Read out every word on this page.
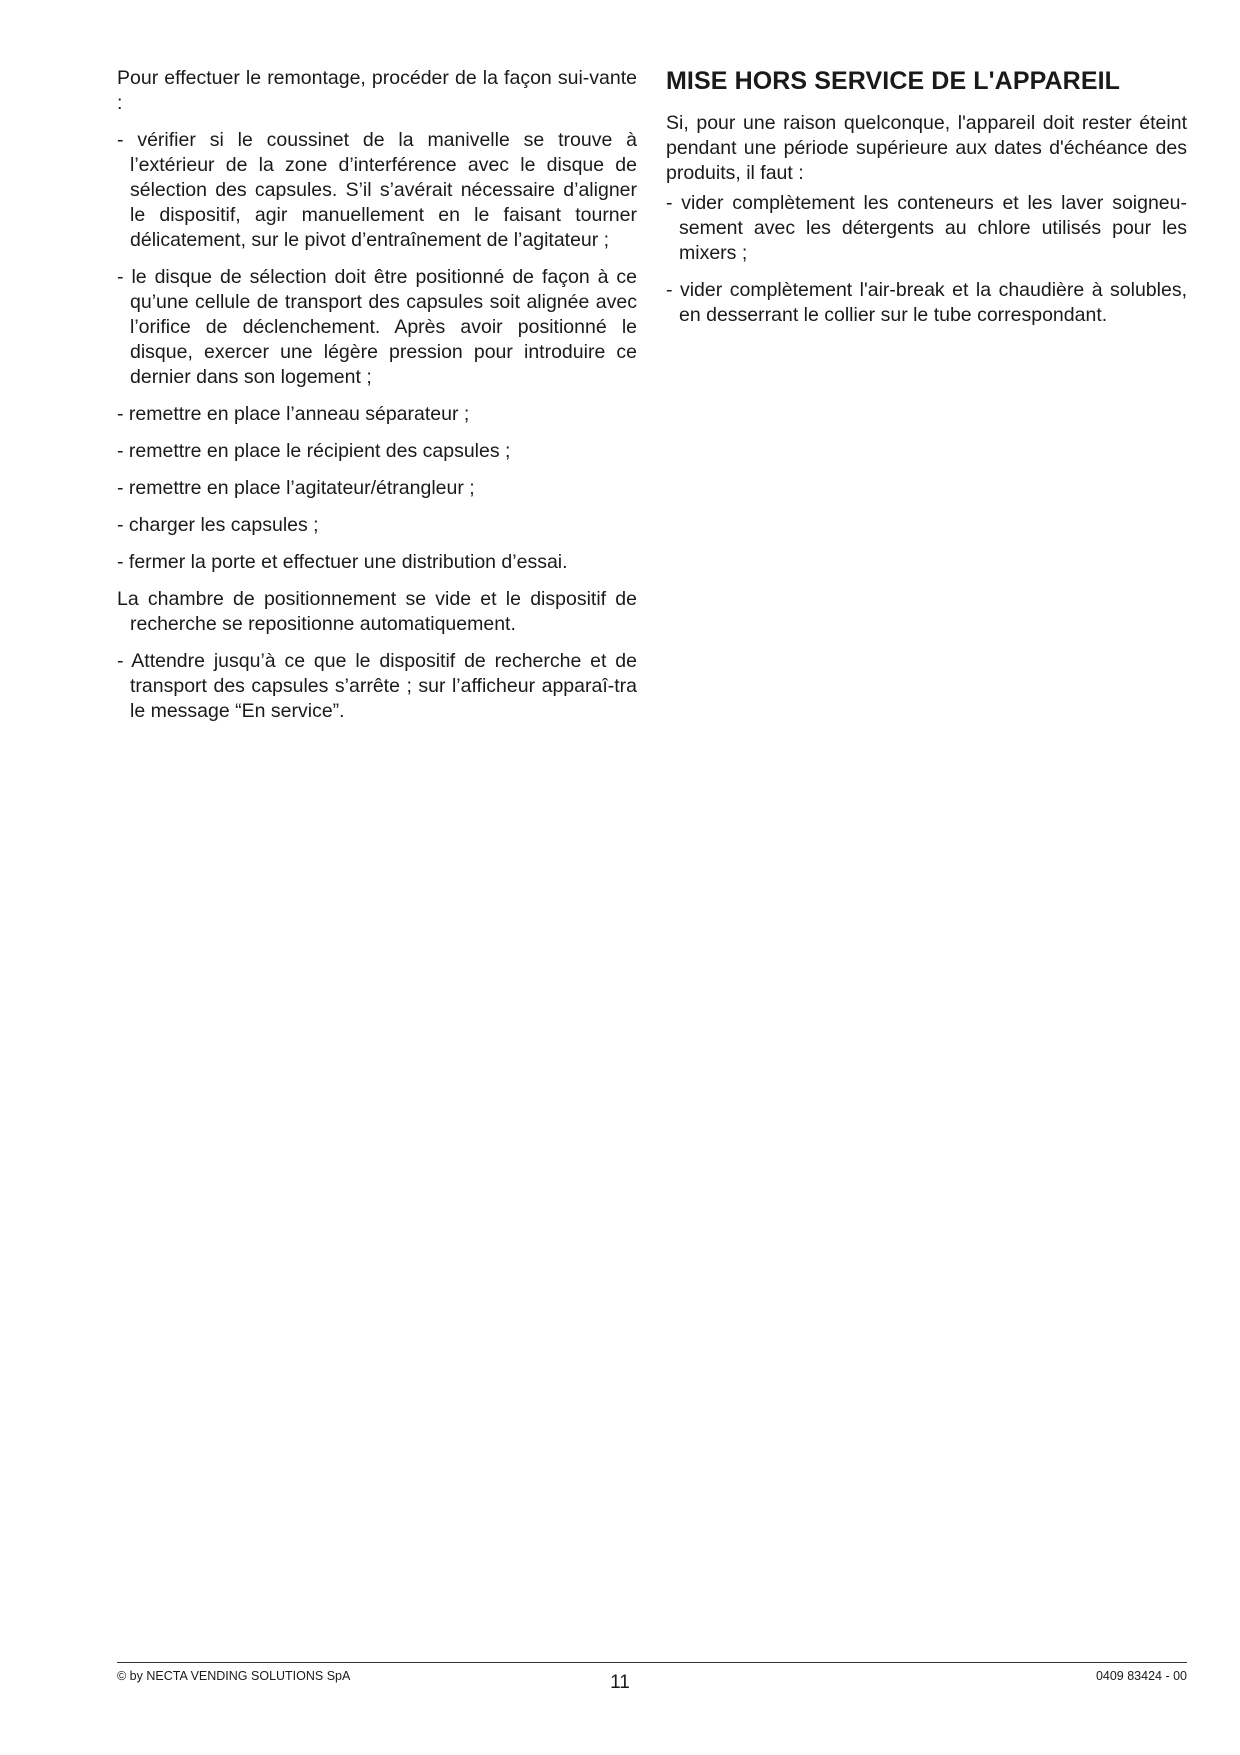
Pour effectuer le remontage, procéder de la façon sui-vante :

- vérifier si le coussinet de la manivelle se trouve à l’extérieur de la zone d’interférence avec le disque de sélection des capsules. S’il s’avérait nécessaire d’aligner le dispositif, agir manuellement en le faisant tourner délicatement, sur le pivot d’entraînement de l’agitateur ;

- le disque de sélection doit être positionné de façon à ce qu’une cellule de transport des capsules soit alignée avec l’orifice de déclenchement. Après avoir positionné le disque, exercer une légère pression pour introduire ce dernier dans son logement ;

- remettre en place l’anneau séparateur ;

- remettre en place le récipient des capsules ;

- remettre en place l’agitateur/étrangleur ;

- charger les capsules ;

- fermer la porte et effectuer une distribution d’essai.

La chambre de positionnement se vide et le dispositif de recherche se repositionne automatiquement.

- Attendre jusqu’à ce que le dispositif de recherche et de transport des capsules s’arrête ; sur l’afficheur apparaî-tra le message “En service”.

MISE HORS SERVICE DE L'APPAREIL

Si, pour une raison quelconque, l'appareil doit rester éteint pendant une période supérieure aux dates d'échéance des produits, il faut :

- vider complètement les conteneurs et les laver soigneu-sement avec les détergents au chlore utilisés pour les mixers ;

- vider complètement l'air-break et la chaudière à solubles, en desserrant le collier sur le tube correspondant.

© by NECTA VENDING SOLUTIONS SpA	11	0409 83424 - 00
